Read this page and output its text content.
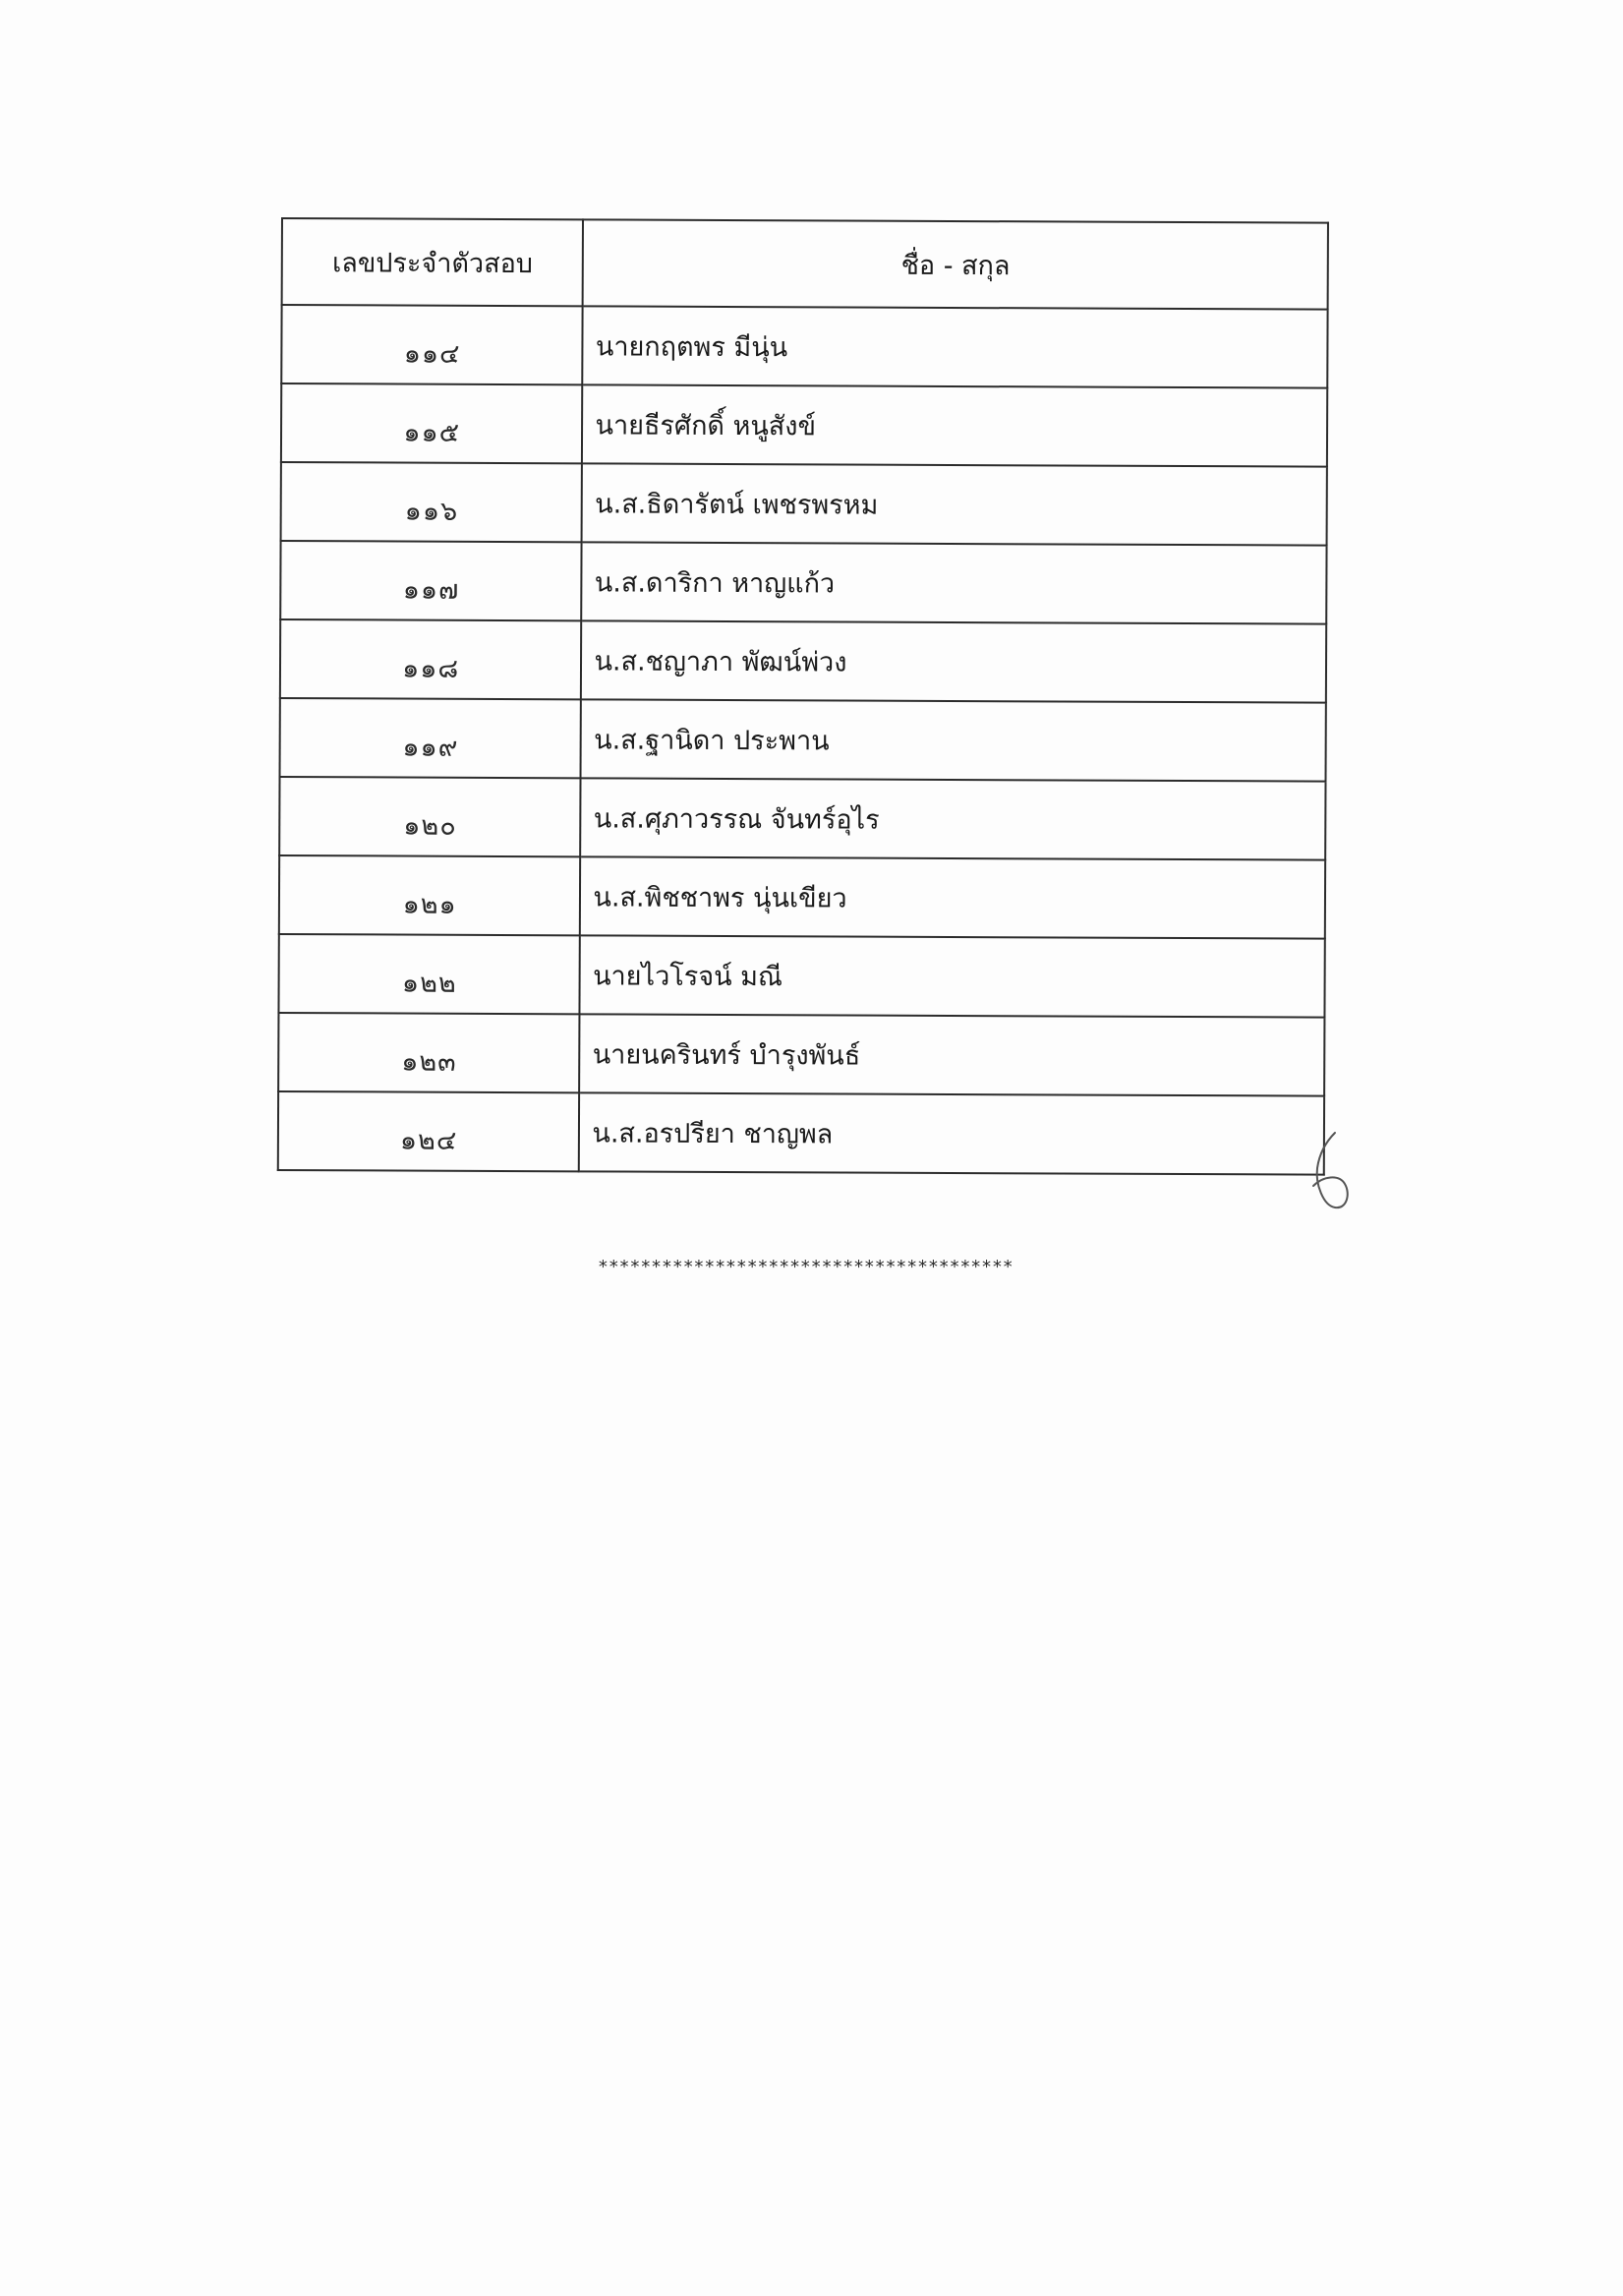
เลขประจำตัวสอบ	ชื่อ - สกุล
๑๑๔	นายกฤตพร มีนุ่น
๑๑๕	นายธีรศักดิ์ หนูสังข์
๑๑๖	น.ส.ธิดารัตน์ เพชรพรหม
๑๑๗	น.ส.ดาริกา หาญแก้ว
๑๑๘	น.ส.ชญาภา พัฒน์พ่วง
๑๑๙	น.ส.ฐานิดา ประพาน
๑๒๐	น.ส.ศุภาวรรณ จันทร์อุไร
๑๒๑	น.ส.พิชชาพร นุ่นเขียว
๑๒๒	นายไวโรจน์ มณี
๑๒๓	นายนครินทร์ บำรุงพันธ์
๑๒๔	น.ส.อรปรียา ชาญพล
***************************************
